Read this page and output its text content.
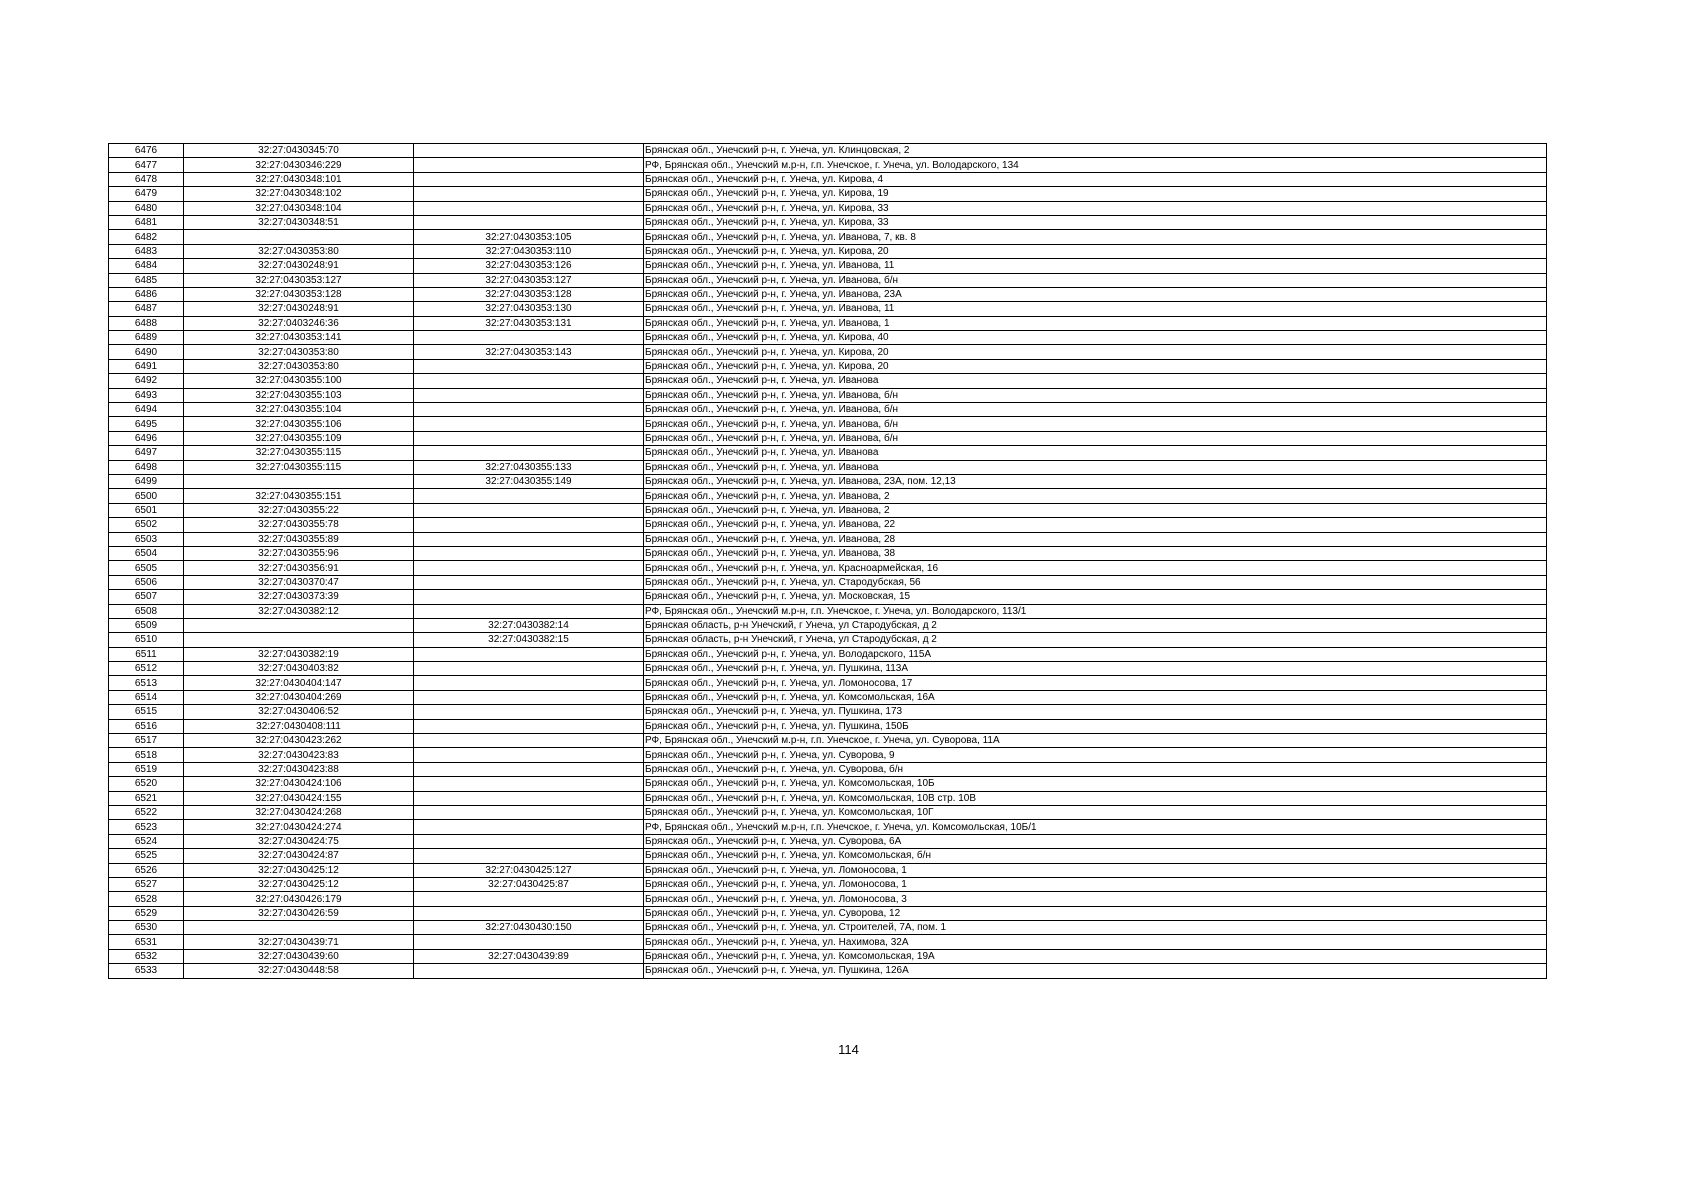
6476	32:27:0430345:70		Брянская обл., Унечский р-н, г. Унеча, ул. Клинцовская, 2
6477	32:27:0430346:229		РФ, Брянская обл., Унечский м.р-н, г.п. Унечское, г. Унеча, ул. Володарского, 134
6478	32:27:0430348:101		Брянская обл., Унечский р-н, г. Унеча, ул. Кирова, 4
6479	32:27:0430348:102		Брянская обл., Унечский р-н, г. Унеча, ул. Кирова, 19
6480	32:27:0430348:104		Брянская обл., Унечский р-н, г. Унеча, ул. Кирова, 33
6481	32:27:0430348:51		Брянская обл., Унечский р-н, г. Унеча, ул. Кирова, 33
6482		32:27:0430353:105	Брянская обл., Унечский р-н, г. Унеча, ул. Иванова, 7, кв. 8
6483	32:27:0430353:80	32:27:0430353:110	Брянская обл., Унечский р-н, г. Унеча, ул. Кирова, 20
6484	32:27:0430248:91	32:27:0430353:126	Брянская обл., Унечский р-н, г. Унеча, ул. Иванова, 11
6485	32:27:0430353:127	32:27:0430353:127	Брянская обл., Унечский р-н, г. Унеча, ул. Иванова, б/н
6486	32:27:0430353:128	32:27:0430353:128	Брянская обл., Унечский р-н, г. Унеча, ул. Иванова, 23А
6487	32:27:0430248:91	32:27:0430353:130	Брянская обл., Унечский р-н, г. Унеча, ул. Иванова, 11
6488	32:27:0403246:36	32:27:0430353:131	Брянская обл., Унечский р-н, г. Унеча, ул. Иванова, 1
6489	32:27:0430353:141		Брянская обл., Унечский р-н, г. Унеча, ул. Кирова, 40
6490	32:27:0430353:80	32:27:0430353:143	Брянская обл., Унечский р-н, г. Унеча, ул. Кирова, 20
6491	32:27:0430353:80		Брянская обл., Унечский р-н, г. Унеча, ул. Кирова, 20
6492	32:27:0430355:100		Брянская обл., Унечский р-н, г. Унеча, ул. Иванова
6493	32:27:0430355:103		Брянская обл., Унечский р-н, г. Унеча, ул. Иванова, б/н
6494	32:27:0430355:104		Брянская обл., Унечский р-н, г. Унеча, ул. Иванова, б/н
6495	32:27:0430355:106		Брянская обл., Унечский р-н, г. Унеча, ул. Иванова, б/н
6496	32:27:0430355:109		Брянская обл., Унечский р-н, г. Унеча, ул. Иванова, б/н
6497	32:27:0430355:115		Брянская обл., Унечский р-н, г. Унеча, ул. Иванова
6498	32:27:0430355:115	32:27:0430355:133	Брянская обл., Унечский р-н, г. Унеча, ул. Иванова
6499		32:27:0430355:149	Брянская обл., Унечский р-н, г. Унеча, ул. Иванова, 23А, пом. 12,13
6500	32:27:0430355:151		Брянская обл., Унечский р-н, г. Унеча, ул. Иванова, 2
6501	32:27:0430355:22		Брянская обл., Унечский р-н, г. Унеча, ул. Иванова, 2
6502	32:27:0430355:78		Брянская обл., Унечский р-н, г. Унеча, ул. Иванова, 22
6503	32:27:0430355:89		Брянская обл., Унечский р-н, г. Унеча, ул. Иванова, 28
6504	32:27:0430355:96		Брянская обл., Унечский р-н, г. Унеча, ул. Иванова, 38
6505	32:27:0430356:91		Брянская обл., Унечский р-н, г. Унеча, ул. Красноармейская, 16
6506	32:27:0430370:47		Брянская обл., Унечский р-н, г. Унеча, ул. Стародубская, 56
6507	32:27:0430373:39		Брянская обл., Унечский р-н, г. Унеча, ул. Московская, 15
6508	32:27:0430382:12		РФ, Брянская обл., Унечский м.р-н, г.п. Унечское, г. Унеча, ул. Володарского, 113/1
6509		32:27:0430382:14	Брянская область, р-н Унечский, г Унеча, ул Стародубская, д 2
6510		32:27:0430382:15	Брянская область, р-н Унечский, г Унеча, ул Стародубская, д 2
6511	32:27:0430382:19		Брянская обл., Унечский р-н, г. Унеча, ул. Володарского, 115А
6512	32:27:0430403:82		Брянская обл., Унечский р-н, г. Унеча, ул. Пушкина, 113А
6513	32:27:0430404:147		Брянская обл., Унечский р-н, г. Унеча, ул. Ломоносова, 17
6514	32:27:0430404:269		Брянская обл., Унечский р-н, г. Унеча, ул. Комсомольская, 16А
6515	32:27:0430406:52		Брянская обл., Унечский р-н, г. Унеча, ул. Пушкина, 173
6516	32:27:0430408:111		Брянская обл., Унечский р-н, г. Унеча, ул. Пушкина, 150Б
6517	32:27:0430423:262		РФ, Брянская обл., Унечский м.р-н, г.п. Унечское, г. Унеча, ул. Суворова, 11А
6518	32:27:0430423:83		Брянская обл., Унечский р-н, г. Унеча, ул. Суворова, 9
6519	32:27:0430423:88		Брянская обл., Унечский р-н, г. Унеча, ул. Суворова, б/н
6520	32:27:0430424:106		Брянская обл., Унечский р-н, г. Унеча, ул. Комсомольская, 10Б
6521	32:27:0430424:155		Брянская обл., Унечский р-н, г. Унеча, ул. Комсомольская, 10В стр. 10В
6522	32:27:0430424:268		Брянская обл., Унечский р-н, г. Унеча, ул. Комсомольская, 10Г
6523	32:27:0430424:274		РФ, Брянская обл., Унечский м.р-н, г.п. Унечское, г. Унеча, ул. Комсомольская, 10Б/1
6524	32:27:0430424:75		Брянская обл., Унечский р-н, г. Унеча, ул. Суворова, 6А
6525	32:27:0430424:87		Брянская обл., Унечский р-н, г. Унеча, ул. Комсомольская, б/н
6526	32:27:0430425:12	32:27:0430425:127	Брянская обл., Унечский р-н, г. Унеча, ул. Ломоносова, 1
6527	32:27:0430425:12	32:27:0430425:87	Брянская обл., Унечский р-н, г. Унеча, ул. Ломоносова, 1
6528	32:27:0430426:179		Брянская обл., Унечский р-н, г. Унеча, ул. Ломоносова, 3
6529	32:27:0430426:59		Брянская обл., Унечский р-н, г. Унеча, ул. Суворова, 12
6530		32:27:0430430:150	Брянская обл., Унечский р-н, г. Унеча, ул. Строителей, 7А, пом. 1
6531	32:27:0430439:71		Брянская обл., Унечский р-н, г. Унеча, ул. Нахимова, 32А
6532	32:27:0430439:60	32:27:0430439:89	Брянская обл., Унечский р-н, г. Унеча, ул. Комсомольская, 19А
6533	32:27:0430448:58		Брянская обл., Унечский р-н, г. Унеча, ул. Пушкина, 126А
114
